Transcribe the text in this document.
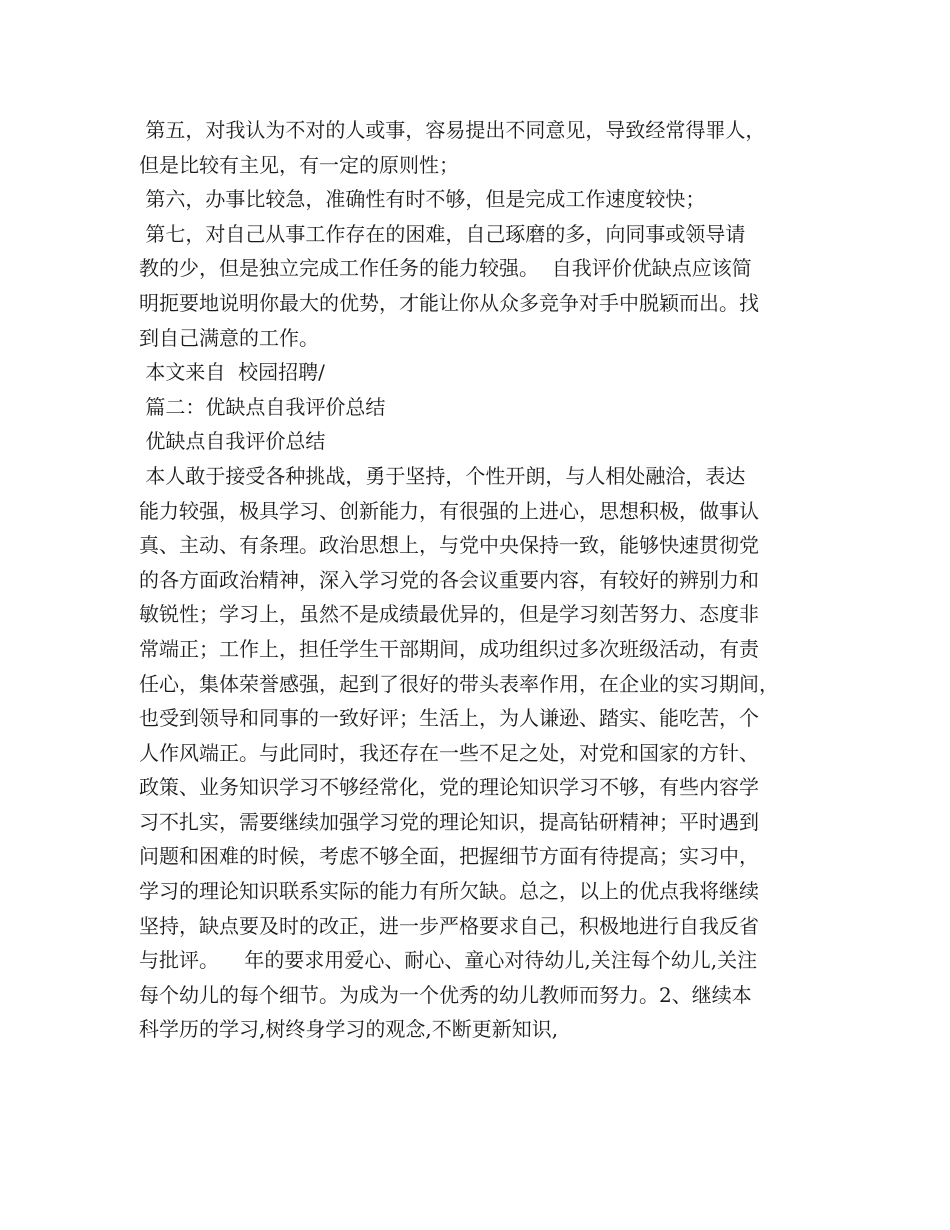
第五，对我认为不对的人或事，容易提出不同意见，导致经常得罪人，
但是比较有主见，有一定的原则性；
第六，办事比较急，准确性有时不够，但是完成工作速度较快；
第七，对自己从事工作存在的困难，自己琢磨的多，向同事或领导请
教的少，但是独立完成工作任务的能力较强。  自我评价优缺点应该简
明扼要地说明你最大的优势，才能让你从众多竞争对手中脱颖而出。找
到自己满意的工作。
本文来自  校园招聘/
篇二：优缺点自我评价总结
优缺点自我评价总结
本人敢于接受各种挑战，勇于坚持，个性开朗，与人相处融洽，表达
能力较强，极具学习、创新能力，有很强的上进心，思想积极，做事认
真、主动、有条理。政治思想上，与党中央保持一致，能够快速贯彻党
的各方面政治精神，深入学习党的各会议重要内容，有较好的辨别力和
敏锐性；学习上，虽然不是成绩最优异的，但是学习刻苦努力、态度非
常端正；工作上，担任学生干部期间，成功组织过多次班级活动，有责
任心，集体荣誉感强，起到了很好的带头表率作用，在企业的实习期间，
也受到领导和同事的一致好评；生活上，为人谦逊、踏实、能吃苦，个
人作风端正。与此同时，我还存在一些不足之处，对党和国家的方针、
政策、业务知识学习不够经常化，党的理论知识学习不够，有些内容学
习不扎实，需要继续加强学习党的理论知识，提高钻研精神；平时遇到
问题和困难的时候，考虑不够全面，把握细节方面有待提高；实习中，
学习的理论知识联系实际的能力有所欠缺。总之，以上的优点我将继续
坚持，缺点要及时的改正，进一步严格要求自己，积极地进行自我反省
与批评。    年的要求用爱心、耐心、童心对待幼儿,关注每个幼儿,关注
每个幼儿的每个细节。为成为一个优秀的幼儿教师而努力。2、继续本
科学历的学习,树终身学习的观念,不断更新知识,
